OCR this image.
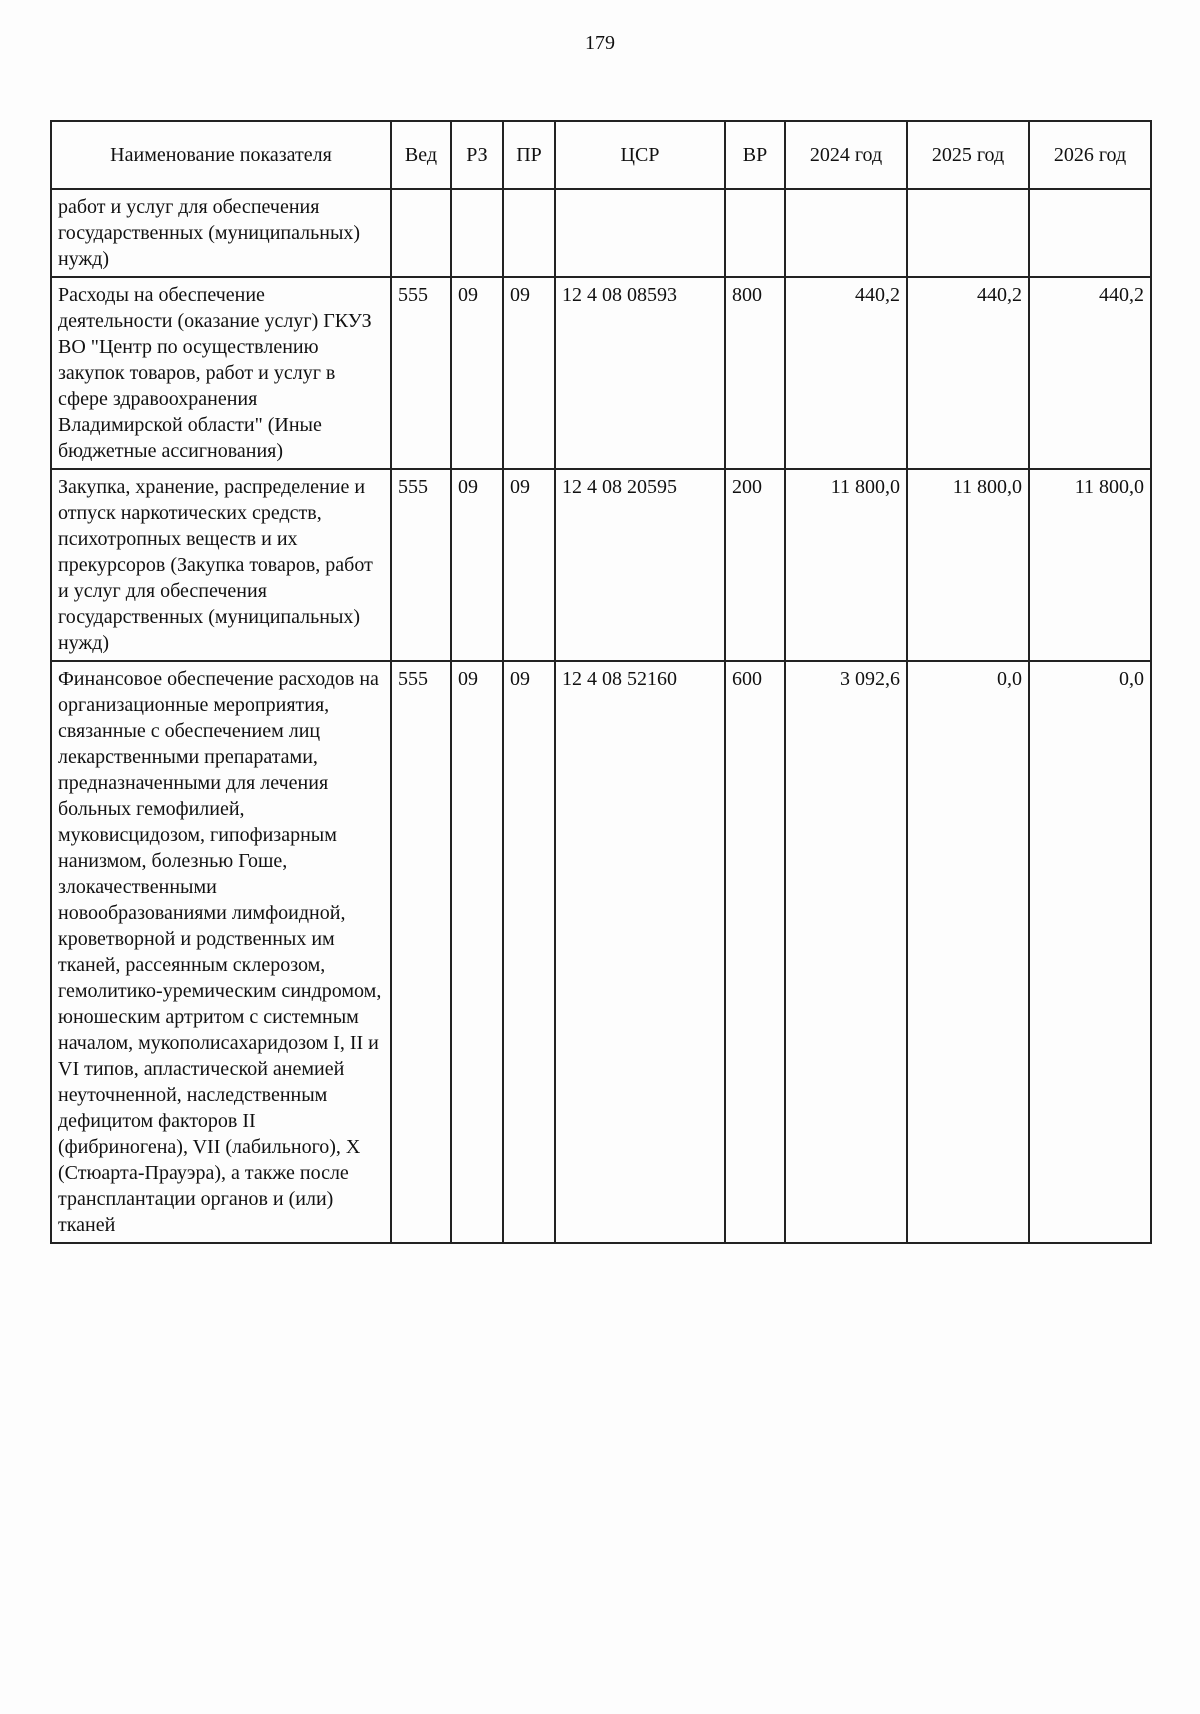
179
Наименование показателя	Вед	РЗ	ПР	ЦСР	ВР	2024 год	2025 год	2026 год
работ и услуг для обеспечения государственных (муниципальных) нужд)								
Расходы на обеспечение деятельности (оказание услуг) ГКУЗ ВО "Центр по осуществлению закупок товаров, работ и услуг в сфере здравоохранения Владимирской области" (Иные бюджетные ассигнования)	555	09	09	12 4 08 08593	800	440,2	440,2	440,2
Закупка, хранение, распределение и отпуск наркотических средств, психотропных веществ и их прекурсоров (Закупка товаров, работ и услуг для обеспечения государственных (муниципальных) нужд)	555	09	09	12 4 08 20595	200	11 800,0	11 800,0	11 800,0
Финансовое обеспечение расходов на организационные мероприятия, связанные с обеспечением лиц лекарственными препаратами, предназначенными для лечения больных гемофилией, муковисцидозом, гипофизарным нанизмом, болезнью Гоше, злокачественными новообразованиями лимфоидной, кроветворной и родственных им тканей, рассеянным склерозом, гемолитико-уремическим синдромом, юношеским артритом с системным началом, мукополисахаридозом I, II и VI типов, апластической анемией неуточненной, наследственным дефицитом факторов II (фибриногена), VII (лабильного), X (Стюарта-Прауэра), а также после трансплантации органов и (или) тканей	555	09	09	12 4 08 52160	600	3 092,6	0,0	0,0
